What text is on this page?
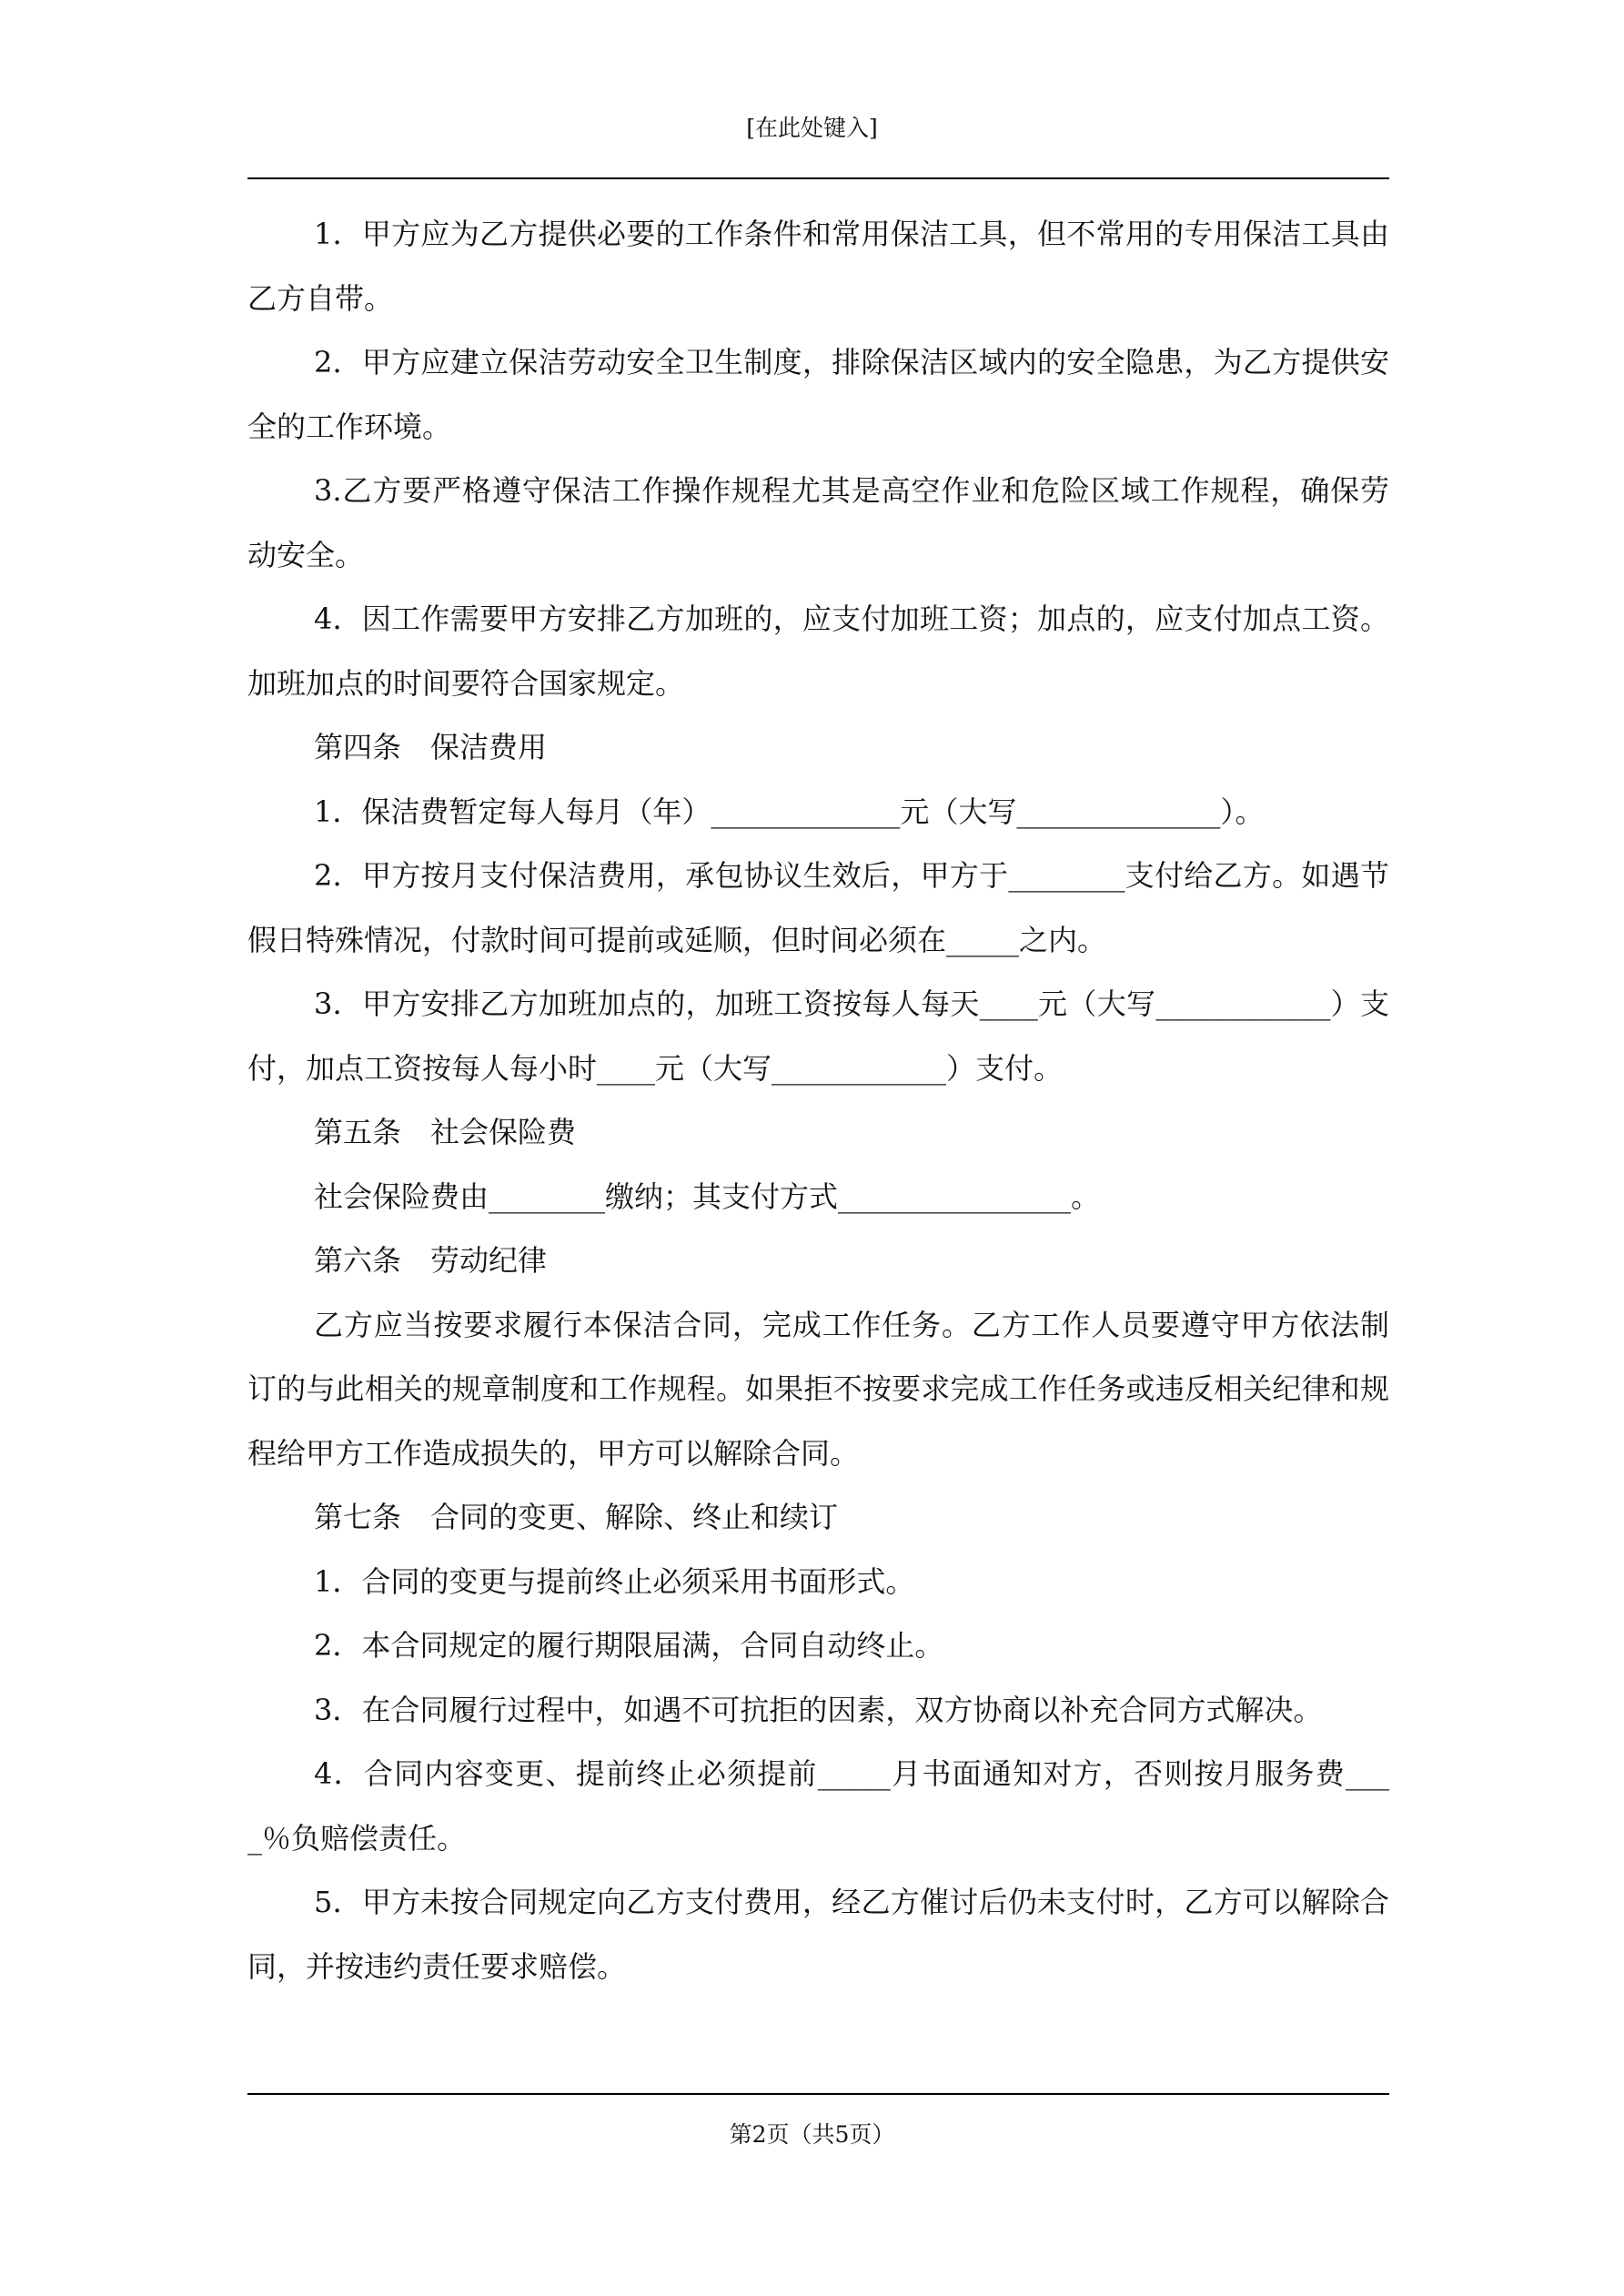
[在此处键入]

1．甲方应为乙方提供必要的工作条件和常用保洁工具，但不常用的专用保洁工具由乙方自带。

2．甲方应建立保洁劳动安全卫生制度，排除保洁区域内的安全隐患，为乙方提供安全的工作环境。

3.乙方要严格遵守保洁工作操作规程尤其是高空作业和危险区域工作规程，确保劳动安全。

4．因工作需要甲方安排乙方加班的，应支付加班工资；加点的，应支付加点工资。加班加点的时间要符合国家规定。

第四条　保洁费用

1．保洁费暂定每人每月（年）_____________元（大写______________）。

2．甲方按月支付保洁费用，承包协议生效后，甲方于________支付给乙方。如遇节假日特殊情况，付款时间可提前或延顺，但时间必须在_____之内。

3．甲方安排乙方加班加点的，加班工资按每人每天____元（大写____________）支付，加点工资按每人每小时____元（大写____________）支付。

第五条　社会保险费

社会保险费由________缴纳；其支付方式________________。

第六条　劳动纪律

乙方应当按要求履行本保洁合同，完成工作任务。乙方工作人员要遵守甲方依法制订的与此相关的规章制度和工作规程。如果拒不按要求完成工作任务或违反相关纪律和规程给甲方工作造成损失的，甲方可以解除合同。

第七条　合同的变更、解除、终止和续订

1．合同的变更与提前终止必须采用书面形式。

2．本合同规定的履行期限届满，合同自动终止。

3．在合同履行过程中，如遇不可抗拒的因素，双方协商以补充合同方式解决。

4．合同内容变更、提前终止必须提前_____月书面通知对方，否则按月服务费____％负赔偿责任。

5．甲方未按合同规定向乙方支付费用，经乙方催讨后仍未支付时，乙方可以解除合同，并按违约责任要求赔偿。

第2页（共5页）
